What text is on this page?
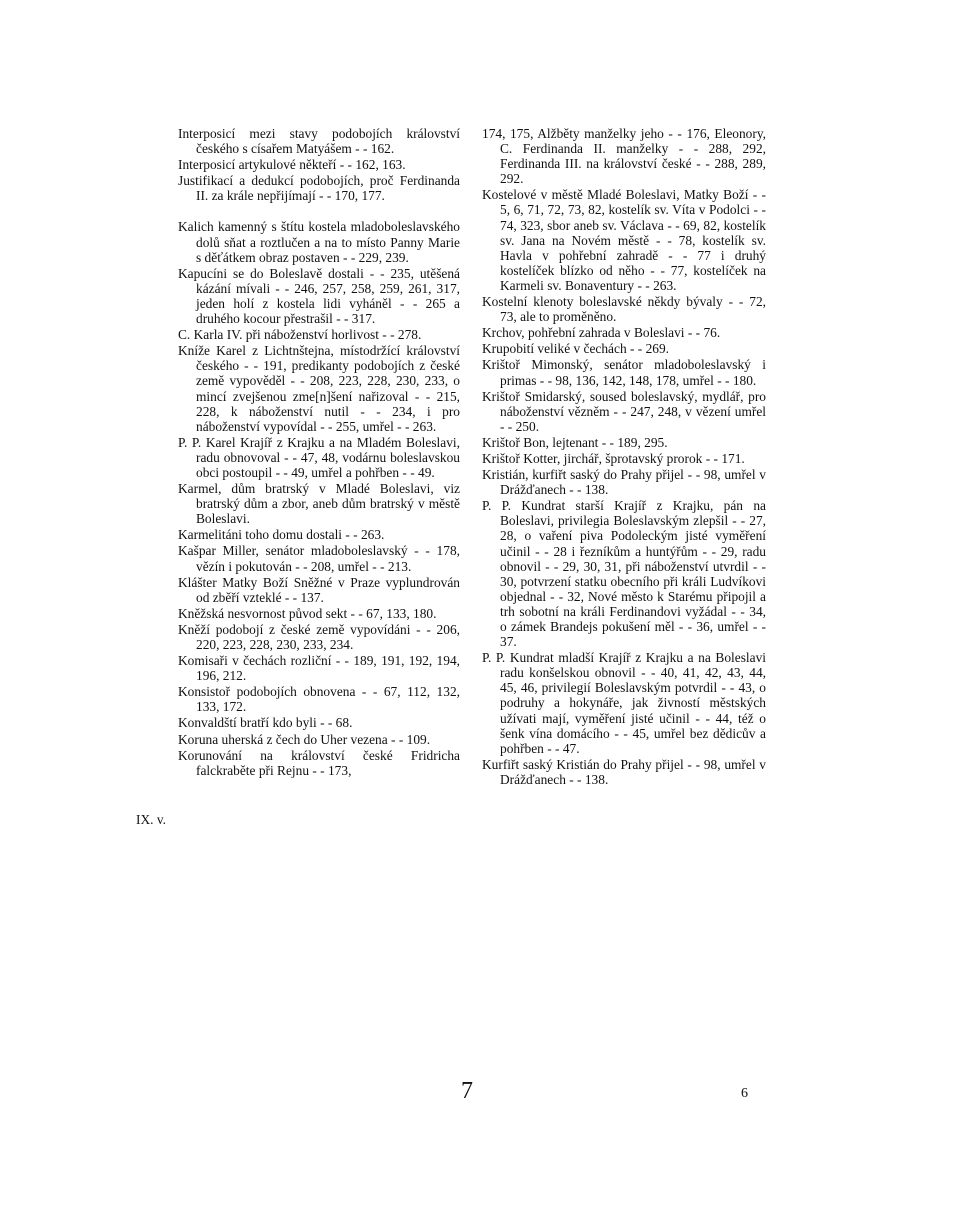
Interposicí mezi stavy podobojích království českého s císařem Matyášem - - 162.

Interposicí artykulové někteří - - 162, 163.

Justifikací a dedukcí podobojích, proč Ferdinanda II. za krále nepřijímají - - 170, 177.

Kalich kamenný s štítu kostela mladoboleslavského dolů sňat a roztlučen a na to místo Panny Marie s děťátkem obraz postaven - - 229, 239.

Kapucíni se do Boleslavě dostali - - 235, utěšená kázání mívali - - 246, 257, 258, 259, 261, 317, jeden holí z kostela lidi vyháněl - - 265 a druhého kocour přestrašil - - 317.

C. Karla IV. při náboženství horlivost - - 278.

Kníže Karel z Lichtnštejna, místodržící království českého - - 191, predikanty podobojích z české země vypověděl - - 208, 223, 228, 230, 233, o mincí zvejšenou zme[n]šení nařizoval - - 215, 228, k náboženství nutil - - 234, i pro náboženství vypovídal - - 255, umřel - - 263.

P. P. Karel Krajíř z Krajku a na Mladém Boleslavi, radu obnovoval - - 47, 48, vodárnu boleslavskou obci postoupil - - 49, umřel a pohřben - - 49.

Karmel, dům bratrský v Mladé Boleslavi, viz bratrský dům a zbor, aneb dům bratrský v městě Boleslavi.

Karmelitáni toho domu dostali - - 263.

Kašpar Miller, senátor mladoboleslavský - - 178, vězín i pokutován - - 208, umřel - - 213.

Klášter Matky Boží Sněžné v Praze vyplundrován od zběří vzteklé - - 137.

Kněžská nesvornost původ sekt - - 67, 133, 180.

Kněží podobojí z české země vypovídáni - - 206, 220, 223, 228, 230, 233, 234.

Komisaři v čechách rozliční - - 189, 191, 192, 194, 196, 212.

Konsistoř podobojích obnovena - - 67, 112, 132, 133, 172.

Konvaldští bratří kdo byli - - 68.

Koruna uherská z čech do Uher vezena - - 109.

Korunování na království české Fridricha falckraběte při Rejnu - - 173,

IX. v.

174, 175, Alžběty manželky jeho - - 176, Eleonory, C. Ferdinanda II. manželky - - 288, 292, Ferdinanda III. na království české - - 288, 289, 292.

Kostelové v městě Mladé Boleslavi, Matky Boží - - 5, 6, 71, 72, 73, 82, kostelík sv. Víta v Podolci - - 74, 323, sbor aneb sv. Václava - - 69, 82, kostelík sv. Jana na Novém městě - - 78, kostelík sv. Havla v pohřební zahradě - - 77 i druhý kostelíček blízko od něho - - 77, kostelíček na Karmeli sv. Bonaventury - - 263.

Kostelní klenoty boleslavské někdy bývaly - - 72, 73, ale to proměněno.

Krchov, pohřební zahrada v Boleslavi - - 76.

Krupobití veliké v čechách - - 269.

Krištoř Mimonský, senátor mladoboleslavský i primas - - 98, 136, 142, 148, 178, umřel - - 180.

Krištoř Smidarský, soused boleslavský, mydlář, pro náboženství vězněm - - 247, 248, v vězení umřel - - 250.

Krištoř Bon, lejtenant - - 189, 295.

Krištoř Kotter, jirchář, šprotavský prorok - - 171.

Kristián, kurfiřt saský do Prahy přijel - - 98, umřel v Drážďanech - - 138.

P. P. Kundrat starší Krajíř z Krajku, pán na Boleslavi, privilegia Boleslavským zlepšil - - 27, 28, o vaření piva Podoleckým jisté vyměření učinil - - 28 i řezníkům a huntýřům - - 29, radu obnovil - - 29, 30, 31, při náboženství utvrdil - - 30, potvrzení statku obecního při králi Ludvíkovi objednal - - 32, Nové město k Starému připojil a trh sobotní na králi Ferdinandovi vyžádal - - 34, o zámek Brandejs pokušení měl - - 36, umřel - - 37.

P. P. Kundrat mladší Krajíř z Krajku a na Boleslavi radu konšelskou obnovil - - 40, 41, 42, 43, 44, 45, 46, privilegií Boleslavským potvrdil - - 43, o podruhy a hokynáře, jak živností městských užívati mají, vyměření jisté učinil - - 44, též o šenk vína domácího - - 45, umřel bez dědicův a pohřben - - 47.

Kurfiřt saský Kristián do Prahy přijel - - 98, umřel v Drážďanech - - 138.

7	6
